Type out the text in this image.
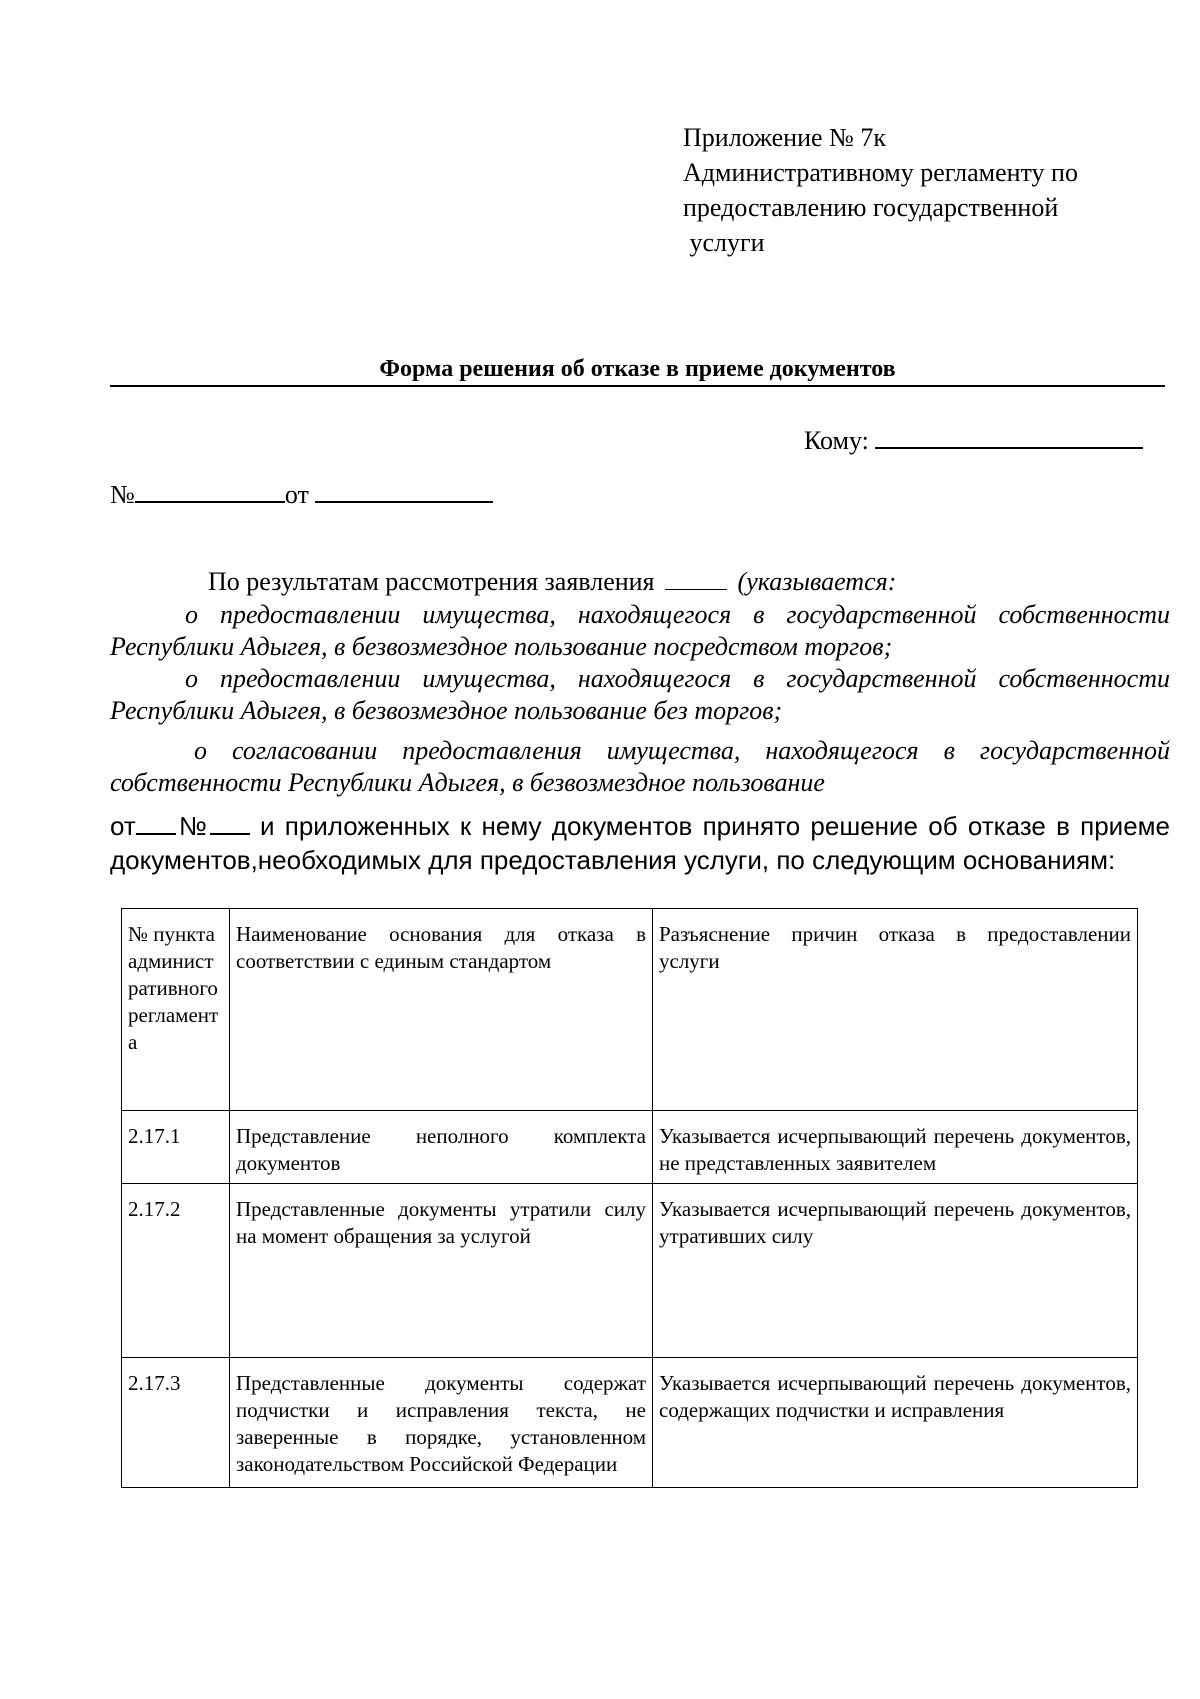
Приложение № 7к
Административному регламенту по
предоставлению государственной
услуги
Форма решения об отказе в приеме документов
Кому:
№	от
По результатам рассмотрения заявления	(указывается:
о предоставлении имущества, находящегося в государственной собственности Республики Адыгея, в безвозмездное пользование посредством торгов;
о предоставлении имущества, находящегося в государственной собственности Республики Адыгея, в безвозмездное пользование без торгов;
о согласовании предоставления имущества, находящегося в государственной собственности Республики Адыгея, в безвозмездное пользование
от № и приложенных к нему документов принято решение об отказе в приеме документов,необходимых для предоставления услуги, по следующим основаниям:
№ пункта административного регламента	Наименование основания для отказа в соответствии с единым стандартом	Разъяснение причин отказа в предоставлении услуги
2.17.1	Представление неполного комплекта документов	Указывается исчерпывающий перечень документов, не представленных заявителем
2.17.2	Представленные документы утратили силу на момент обращения за услугой	Указывается исчерпывающий перечень документов, утративших силу
2.17.3	Представленные документы содержат подчистки и исправления текста, не заверенные в порядке, установленном законодательством Российской Федерации	Указывается исчерпывающий перечень документов, содержащих подчистки и исправления
